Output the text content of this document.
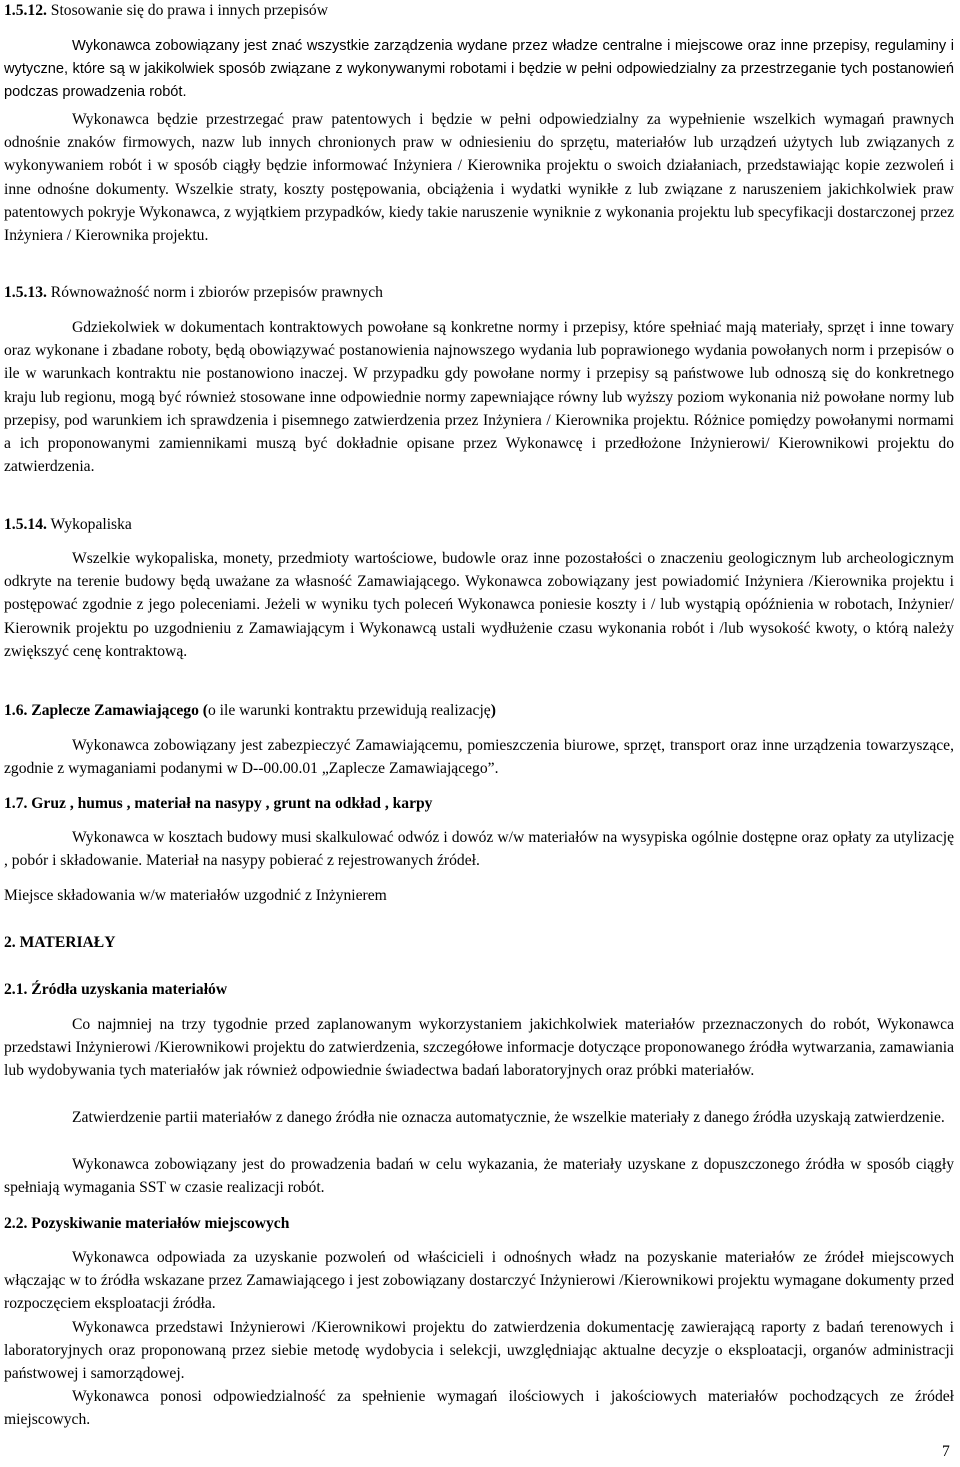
1.5.12. Stosowanie się do prawa i innych przepisów

Wykonawca zobowiązany jest znać wszystkie zarządzenia wydane przez władze centralne i miejscowe oraz inne przepisy, regulaminy i wytyczne, które są w jakikolwiek sposób związane z wykonywanymi robotami i będzie w pełni odpowiedzialny za przestrzeganie tych postanowień podczas prowadzenia robót.

Wykonawca będzie przestrzegać praw patentowych i będzie w pełni odpowiedzialny za wypełnienie wszelkich wymagań prawnych odnośnie znaków firmowych, nazw lub innych chronionych praw w odniesieniu do sprzętu, materiałów lub urządzeń użytych lub związanych z wykonywaniem robót i w sposób ciągły będzie informować Inżyniera / Kierownika projektu o swoich działaniach, przedstawiając kopie zezwoleń i inne odnośne dokumenty. Wszelkie straty, koszty postępowania, obciążenia i wydatki wynikłe z lub związane z naruszeniem jakichkolwiek praw patentowych pokryje Wykonawca, z wyjątkiem przypadków, kiedy takie naruszenie wyniknie z wykonania projektu lub specyfikacji dostarczonej przez Inżyniera / Kierownika projektu.

1.5.13. Równoważność norm i zbiorów przepisów prawnych

Gdziekolwiek w dokumentach kontraktowych powołane są konkretne normy i przepisy, które spełniać mają materiały, sprzęt i inne towary oraz wykonane i zbadane roboty, będą obowiązywać postanowienia najnowszego wydania lub poprawionego wydania powołanych norm i przepisów o ile w warunkach kontraktu nie postanowiono inaczej. W przypadku gdy powołane normy i przepisy są państwowe lub odnoszą się do konkretnego kraju lub regionu, mogą być również stosowane inne odpowiednie normy zapewniające równy lub wyższy poziom wykonania niż powołane normy lub przepisy, pod warunkiem ich sprawdzenia i pisemnego zatwierdzenia przez Inżyniera / Kierownika projektu. Różnice pomiędzy powołanymi normami a ich proponowanymi zamiennikami muszą być dokładnie opisane przez Wykonawcę i przedłożone Inżynierowi/ Kierownikowi projektu do zatwierdzenia.

1.5.14. Wykopaliska

Wszelkie wykopaliska, monety, przedmioty wartościowe, budowle oraz inne pozostałości o znaczeniu geologicznym lub archeologicznym odkryte na terenie budowy będą uważane za własność Zamawiającego. Wykonawca zobowiązany jest powiadomić Inżyniera /Kierownika projektu i postępować zgodnie z jego poleceniami. Jeżeli w wyniku tych poleceń Wykonawca poniesie koszty i / lub wystąpią opóźnienia w robotach, Inżynier/ Kierownik projektu po uzgodnieniu z Zamawiającym i Wykonawcą ustali wydłużenie czasu wykonania robót i /lub wysokość kwoty, o którą należy zwiększyć cenę kontraktową.

1.6. Zaplecze Zamawiającego (o ile warunki kontraktu przewidują realizację)

Wykonawca zobowiązany jest zabezpieczyć Zamawiającemu, pomieszczenia biurowe, sprzęt, transport oraz inne urządzenia towarzyszące, zgodnie z wymaganiami podanymi w D--00.00.01 „Zaplecze Zamawiającego”.

1.7. Gruz , humus , materiał na nasypy , grunt na odkład , karpy

Wykonawca w kosztach budowy musi skalkulować odwóz i dowóz w/w materiałów na wysypiska ogólnie dostępne oraz opłaty za utylizację , pobór i składowanie. Materiał na nasypy pobierać z rejestrowanych źródeł.

Miejsce składowania w/w materiałów uzgodnić z Inżynierem

2. MATERIAŁY
2.1. Źródła uzyskania materiałów

Co najmniej na trzy tygodnie przed zaplanowanym wykorzystaniem jakichkolwiek materiałów przeznaczonych do robót, Wykonawca przedstawi Inżynierowi /Kierownikowi projektu do zatwierdzenia, szczegółowe informacje dotyczące proponowanego źródła wytwarzania, zamawiania lub wydobywania tych materiałów jak również odpowiednie świadectwa badań laboratoryjnych oraz próbki materiałów.

Zatwierdzenie partii materiałów z danego źródła nie oznacza automatycznie, że wszelkie materiały z danego źródła uzyskają zatwierdzenie.

Wykonawca zobowiązany jest do prowadzenia badań w celu wykazania, że materiały uzyskane z dopuszczonego źródła w sposób ciągły spełniają wymagania SST w czasie realizacji robót.

2.2. Pozyskiwanie materiałów miejscowych

Wykonawca odpowiada za uzyskanie pozwoleń od właścicieli i odnośnych władz na pozyskanie materiałów ze źródeł miejscowych włączając w to źródła wskazane przez Zamawiającego i jest zobowiązany dostarczyć Inżynierowi /Kierownikowi projektu wymagane dokumenty przed rozpoczęciem eksploatacji źródła.

Wykonawca przedstawi Inżynierowi /Kierownikowi projektu do zatwierdzenia dokumentację zawierającą raporty z badań terenowych i laboratoryjnych oraz proponowaną przez siebie metodę wydobycia i selekcji, uwzględniając aktualne decyzje o eksploatacji, organów administracji państwowej i samorządowej.

Wykonawca ponosi odpowiedzialność za spełnienie wymagań ilościowych i jakościowych materiałów pochodzących ze źródeł miejscowych.

7
